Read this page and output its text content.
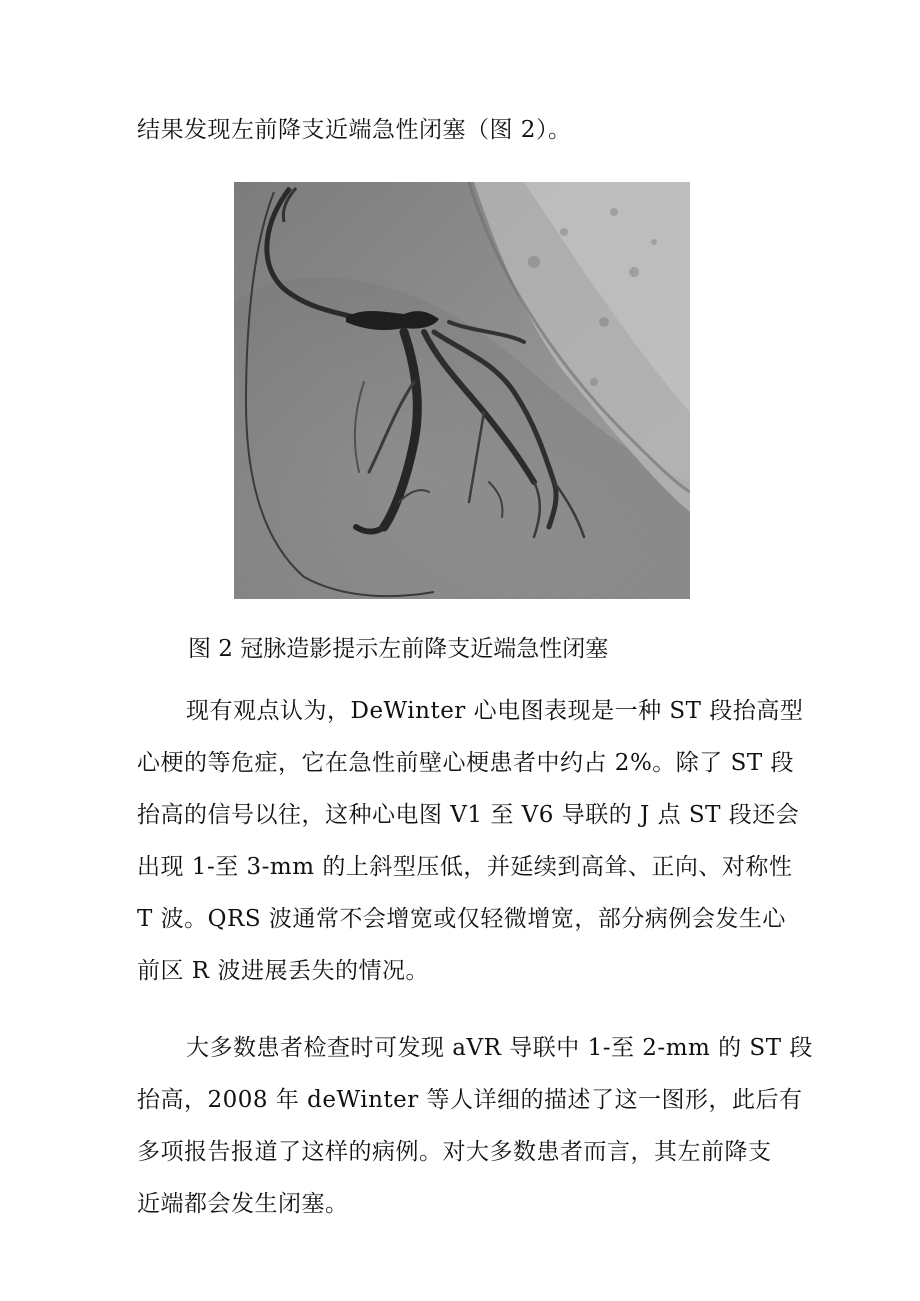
结果发现左前降支近端急性闭塞（图 2）。
图 2 冠脉造影提示左前降支近端急性闭塞
现有观点认为，DeWinter 心电图表现是一种 ST 段抬高型
心梗的等危症，它在急性前壁心梗患者中约占 2%。除了 ST 段
抬高的信号以往，这种心电图 V1 至 V6 导联的 J 点 ST 段还会
出现 1-至 3-mm 的上斜型压低，并延续到高耸、正向、对称性
T 波。QRS 波通常不会增宽或仅轻微增宽，部分病例会发生心
前区 R 波进展丢失的情况。
大多数患者检查时可发现 aVR 导联中 1-至 2-mm 的 ST 段
抬高，2008 年 deWinter 等人详细的描述了这一图形，此后有
多项报告报道了这样的病例。对大多数患者而言，其左前降支
近端都会发生闭塞。
